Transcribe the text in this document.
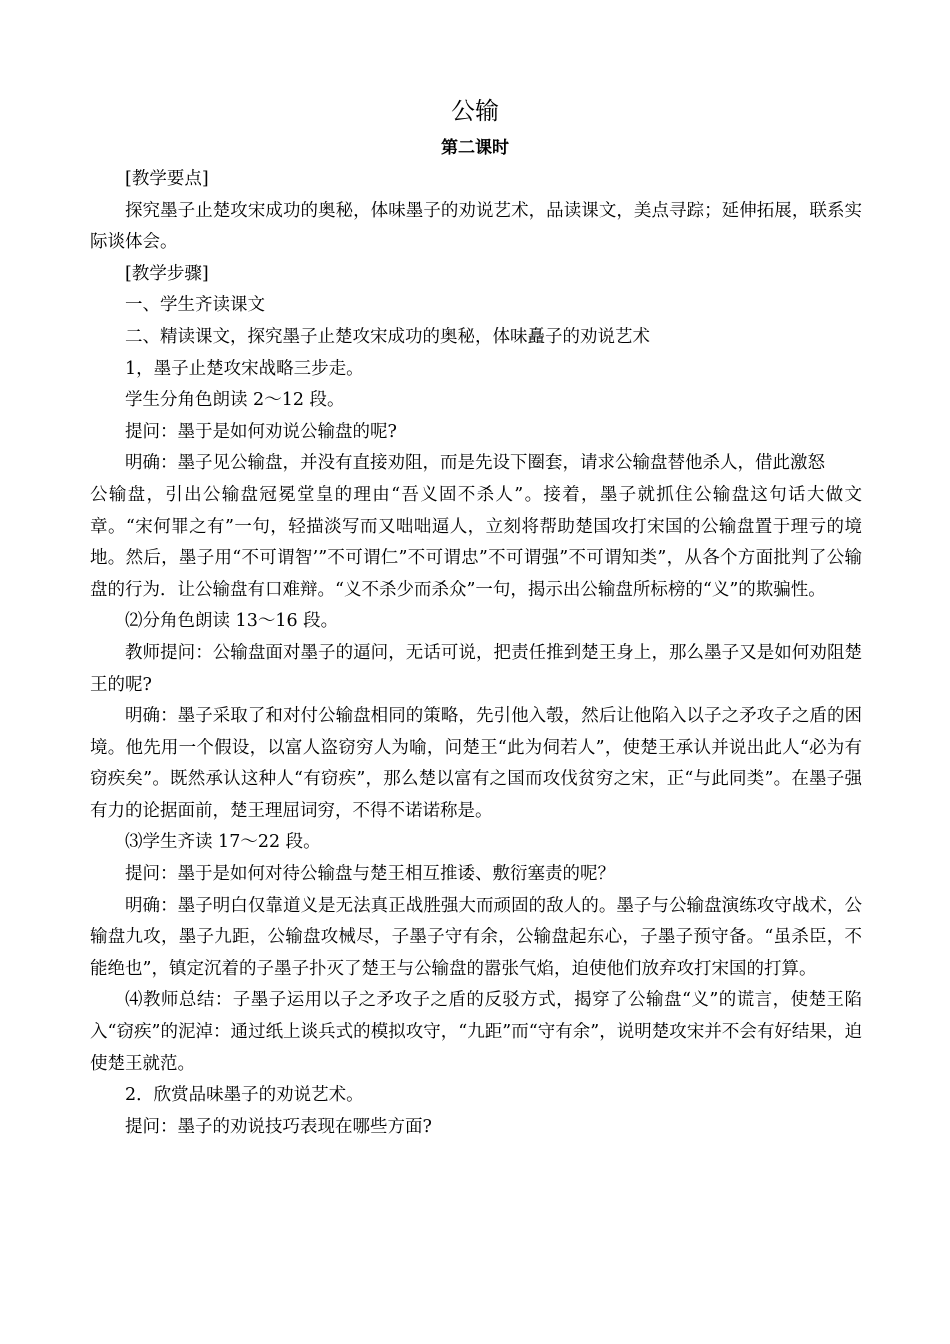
公输
第二课时

[教学要点]

探究墨子止楚攻宋成功的奥秘，体味墨子的劝说艺术，品读课文，美点寻踪；延伸拓展，联系实际谈体会。

[教学步骤]

一、学生齐读课文

二、精读课文，探究墨子止楚攻宋成功的奥秘，体味矗子的劝说艺术

1，墨子止楚攻宋战略三步走。

学生分角色朗读 2～12 段。

提问：墨于是如何劝说公输盘的呢?

明确：墨子见公输盘，并没有直接劝阻，而是先设下圈套，请求公输盘替他杀人，借此激怒

公输盘，引出公输盘冠冕堂皇的理由“吾义固不杀人”。接着，墨子就抓住公输盘这句话大做文章。“宋何罪之有”一句，轻描淡写而又咄咄逼人，立刻将帮助楚国攻打宋国的公输盘置于理亏的境地。然后，墨子用“不可谓智’”不可谓仁”不可谓忠”不可谓强”不可谓知类”，从各个方面批判了公输盘的行为．让公输盘有口难辩。“义不杀少而杀众”一句，揭示出公输盘所标榜的“义”的欺骗性。

⑵分角色朗读 13～16 段。

教师提问：公输盘面对墨子的逼问，无话可说，把责任推到楚王身上，那么墨子又是如何劝阻楚王的呢?

明确：墨子采取了和对付公输盘相同的策略，先引他入彀，然后让他陷入以子之矛攻子之盾的困境。他先用一个假设，以富人盗窃穷人为喻，问楚王“此为伺若人”，使楚王承认并说出此人“必为有窃疾矣”。既然承认这种人“有窃疾”，那么楚以富有之国而攻伐贫穷之宋，正“与此同类”。在墨子强有力的论据面前，楚王理屈词穷，不得不诺诺称是。

⑶学生齐读 17～22 段。

提问：墨于是如何对待公输盘与楚王相互推诿、敷衍塞责的呢？

明确：墨子明白仅靠道义是无法真正战胜强大而顽固的敌人的。墨子与公输盘演练攻守战术，公输盘九攻，墨子九距，公输盘攻械尽，子墨子守有余，公输盘起东心，子墨子预守备。“虽杀臣，不能绝也”，镇定沉着的子墨子扑灭了楚王与公输盘的嚣张气焰，迫使他们放弃攻打宋国的打算。

⑷教师总结：子墨子运用以子之矛攻子之盾的反驳方式，揭穿了公输盘“义”的谎言，使楚王陷入“窃疾”的泥淖：通过纸上谈兵式的模拟攻守，“九距”而“守有余”，说明楚攻宋并不会有好结果，迫使楚王就范。

2．欣赏品味墨子的劝说艺术。

提问：墨子的劝说技巧表现在哪些方面?
